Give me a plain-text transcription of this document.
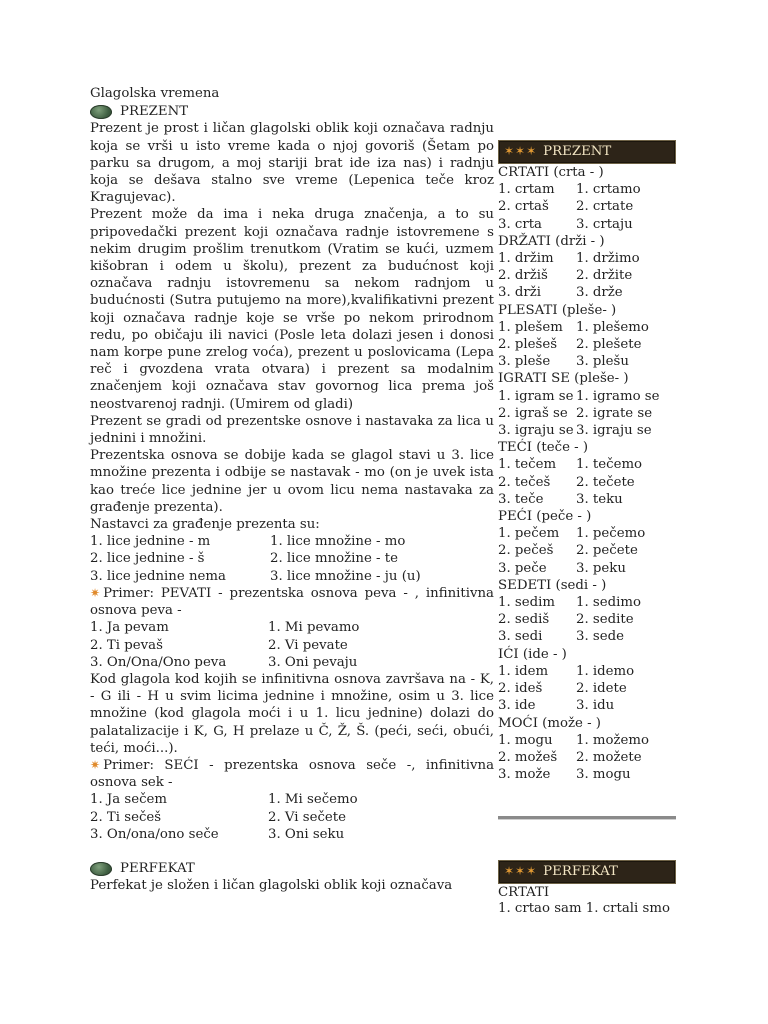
Glagolska vremena

PREZENT

Prezent je prost i ličan glagolski oblik koji označava radnju koja se vrši u isto vreme kada o njoj govoriš (Šetam po parku sa drugom, a moj stariji brat ide iza nas) i radnju koja se dešava stalno sve vreme (Lepenica teče kroz Kragujevac).

Prezent može da ima i neka druga značenja, a to su pripovedački prezent koji označava radnje istovremene s nekim drugim prošlim trenutkom (Vratim se kući, uzmem kišobran i odem u školu), prezent za budućnost koji označava radnju istovremenu sa nekom radnjom u budućnosti (Sutra putujemo na more),kvalifikativni prezent koji označava radnje koje se vrše po nekom prirodnom redu, po običaju ili navici (Posle leta dolazi jesen i donosi nam korpe pune zrelog voća), prezent u poslovicama (Lepa reč i gvozdena vrata otvara) i prezent sa modalnim značenjem koji označava stav govornog lica prema još neostvarenoj radnji. (Umirem od gladi)

Prezent se gradi od prezentske osnove i nastavaka za lica u jednini i množini.

Prezentska osnova se dobije kada se glagol stavi u 3. lice množine prezenta i odbije se nastavak - mo (on je uvek ista kao treće lice jednine jer u ovom licu nema nastavaka za građenje prezenta).

Nastavci za građenje prezenta su:

1. lice jednine - m	1. lice množine - mo
2. lice jednine - š	2. lice množine - te
3. lice jednine nema	3. lice množine - ju (u)

✷ Primer: PEVATI - prezentska osnova peva - , infinitivna osnova peva -

1. Ja pevam	1. Mi pevamo
2. Ti pevaš	2. Vi pevate
3. On/Ona/Ono peva	3. Oni pevaju

Kod glagola kod kojih se infinitivna osnova završava na - K, - G ili - H u svim licima jednine i množine, osim u 3. lice množine (kod glagola moći i u 1. licu jednine) dolazi do palatalizacije i K, G, H prelaze u Č, Ž, Š. (peći, seći, obući, teći, moći...).

✷ Primer: SEĆI - prezentska osnova seče -, infinitivna osnova sek -

1. Ja sečem	1. Mi sečemo
2. Ti sečeš	2. Vi sečete
3. On/ona/ono seče	3. Oni seku
PERFEKAT

Perfekat je složen i ličan glagolski oblik koji označava

✶✶✶ PREZENT

CRTATI (crta - )

1. crtam	1. crtamo
2. crtaš	2. crtate
3. crta	3. crtaju

DRŽATI (drži - )

1. držim	1. držimo
2. držiš	2. držite
3. drži	3. drže

PLESATI (pleše- )

1. plešem 1. plešemo
2. plešeš	2. plešete
3. pleše	3. plešu

IGRATI SE (pleše- )

1. igram se 1. igramo se
2. igraš se 2. igrate se
3. igraju se 3. igraju se

TEĆI (teče - )

1. tečem	1. tečemo
2. tečeš	2. tečete
3. teče	3. teku

PEĆI (peče - )

1. pečem	1. pečemo
2. pečeš	2. pečete
3. peče	3. peku

SEDETI (sedi - )

1. sedim	1. sedimo
2. sediš	2. sedite
3. sedi	3. sede

IĆI (ide - )

1. idem	1. idemo
2. ideš	2. idete
3. ide	3. idu

MOĆI (može - )

1. mogu	1. možemo
2. možeš	2. možete
3. može	3. mogu
✶✶✶ PERFEKAT
CRTATI
1. crtao sam 1. crtali smo
